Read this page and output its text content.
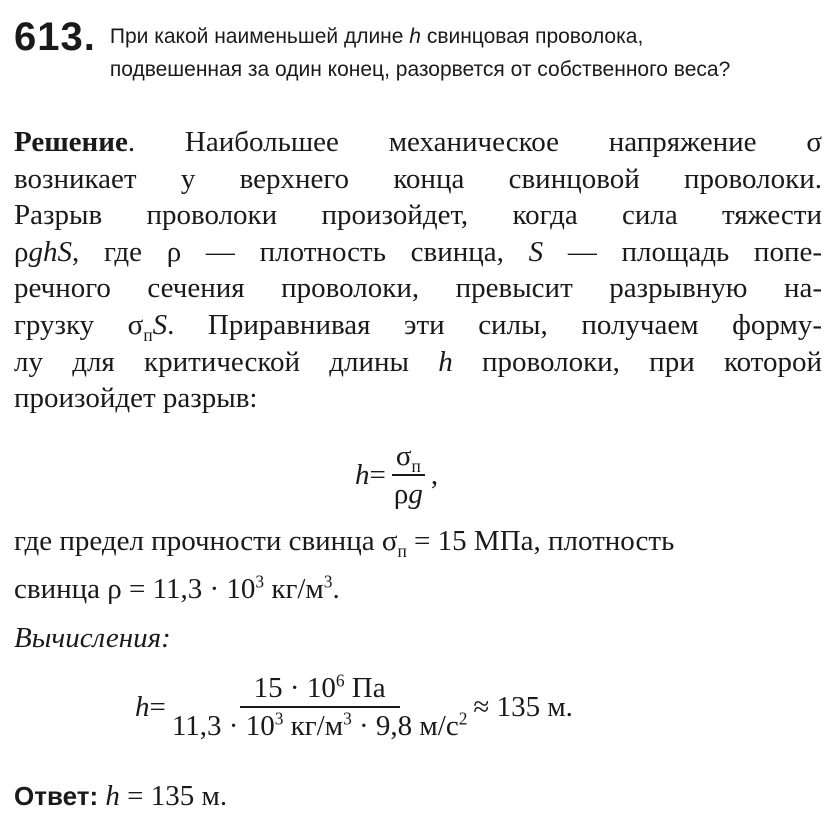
613. При какой наименьшей длине h свинцовая проволока,
подвешенная за один конец, разорвется от собственного веса?
Решение. Наибольшее механическое напряжение σ
возникает у верхнего конца свинцовой проволоки.
Разрыв проволоки произойдет, когда сила тяжести
ρghS, где ρ — плотность свинца, S — площадь попе-
речного сечения проволоки, превысит разрывную на-
грузку $\sigma_пS$. Приравнивая эти силы, получаем форму-
лу для критической длины h проволоки, при которой
произойдет разрыв:
$h = \frac{\sigma_п}{\rho g}$ ,
где предел прочности свинца $\sigma_п = 15$ МПа, плотность
свинца $\rho = 11,3 \cdot 10^3$ $кг/м^3$.
Вычисления:
$h = \frac{15 \cdot 10^6 Па}{11,3 \cdot 10^3 кг/м^3 \cdot 9,8 м/с^2} \approx 135$ м.
Ответ: h = 135 м.
